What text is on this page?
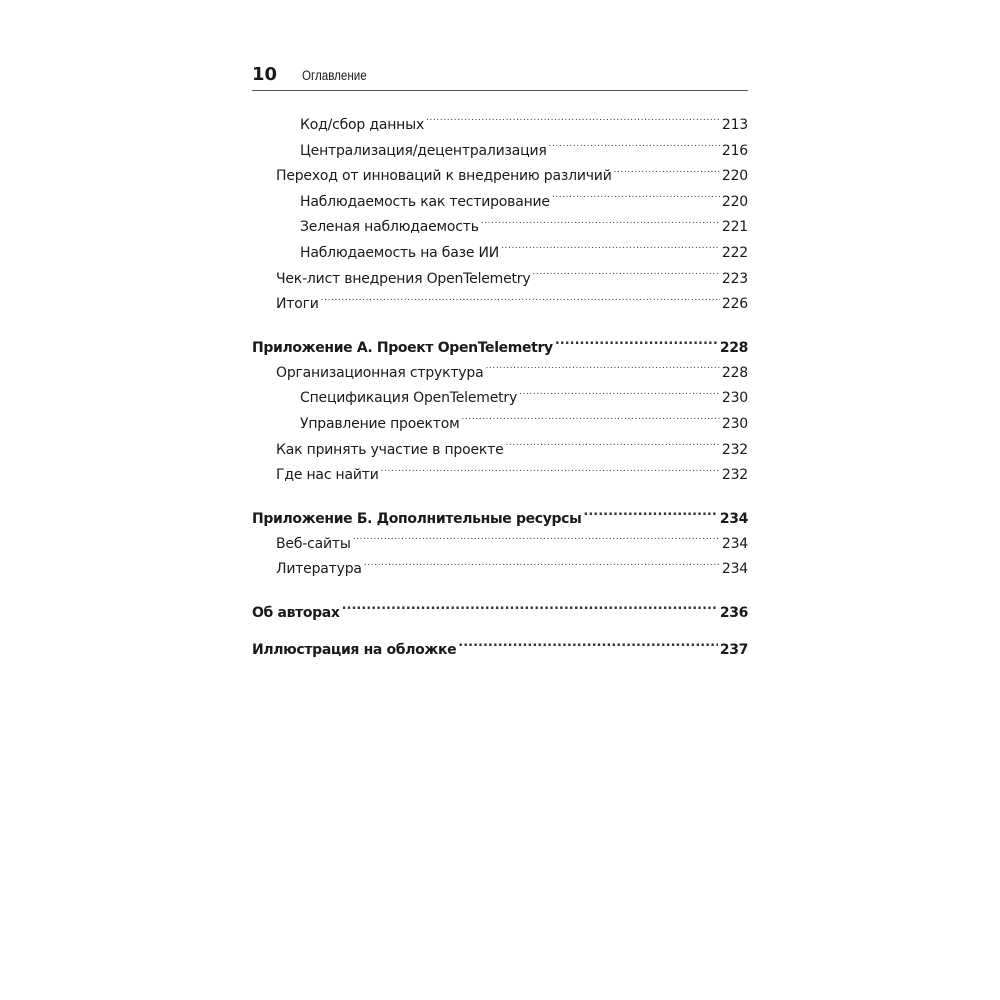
10	Оглавление
Код/сбор данных .....	213
Централизация/децентрализация .....	216
Переход от инноваций к внедрению различий .....	220
Наблюдаемость как тестирование .....	220
Зеленая наблюдаемость .....	221
Наблюдаемость на базе ИИ .....	222
Чек-лист внедрения OpenTelemetry .....	223
Итоги .....	226
Приложение А. Проект OpenTelemetry .....	228
Организационная структура .....	228
Спецификация OpenTelemetry .....	230
Управление проектом .....	230
Как принять участие в проекте .....	232
Где нас найти .....	232
Приложение Б. Дополнительные ресурсы .....	234
Веб-сайты .....	234
Литература .....	234
Об авторах .....	236
Иллюстрация на обложке .....	237
